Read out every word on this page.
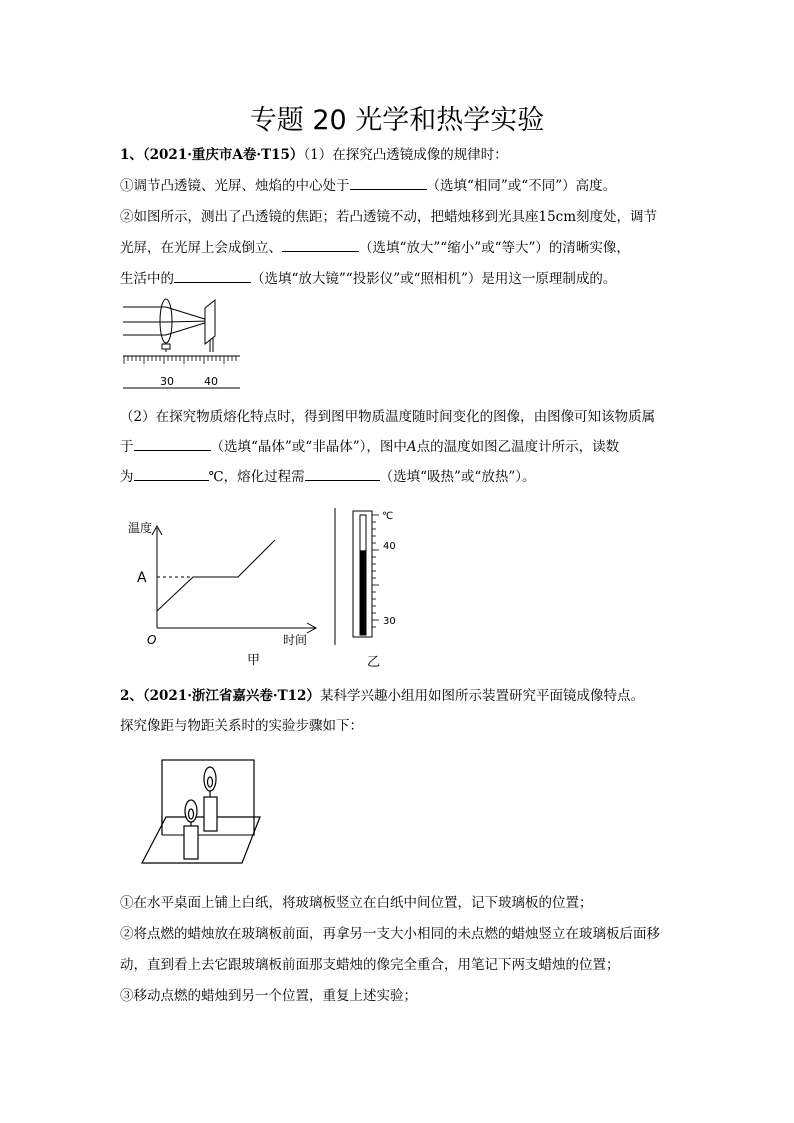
专题 20 光学和热学实验
1、（2021·重庆市A卷·T15）（1）在探究凸透镜成像的规律时：
①调节凸透镜、光屏、烛焰的中心处于	（选填“相同”或“不同”）高度。
②如图所示，测出了凸透镜的焦距；若凸透镜不动，把蜡烛移到光具座15cm刻度处，调节
光屏，在光屏上会成倒立、	（选填“放大”“缩小”或“等大”）的清晰实像，
生活中的	（选填“放大镜”“投影仪”或“照相机”）是用这一原理制成的。
30	40
（2）在探究物质熔化特点时，得到图甲物质温度随时间变化的图像，由图像可知该物质属
于	（选填“晶体”或“非晶体”），图中A点的温度如图乙温度计所示，读数
为	℃，熔化过程需	（选填“吸热”或“放热”）。
温度
A
O	时间
甲
℃
40
30
乙
2、（2021·浙江省嘉兴卷·T12）某科学兴趣小组用如图所示装置研究平面镜成像特点。
探究像距与物距关系时的实验步骤如下：
①在水平桌面上铺上白纸，将玻璃板竖立在白纸中间位置，记下玻璃板的位置；
②将点燃的蜡烛放在玻璃板前面，再拿另一支大小相同的未点燃的蜡烛竖立在玻璃板后面移
动，直到看上去它跟玻璃板前面那支蜡烛的像完全重合，用笔记下两支蜡烛的位置；
③移动点燃的蜡烛到另一个位置，重复上述实验；
